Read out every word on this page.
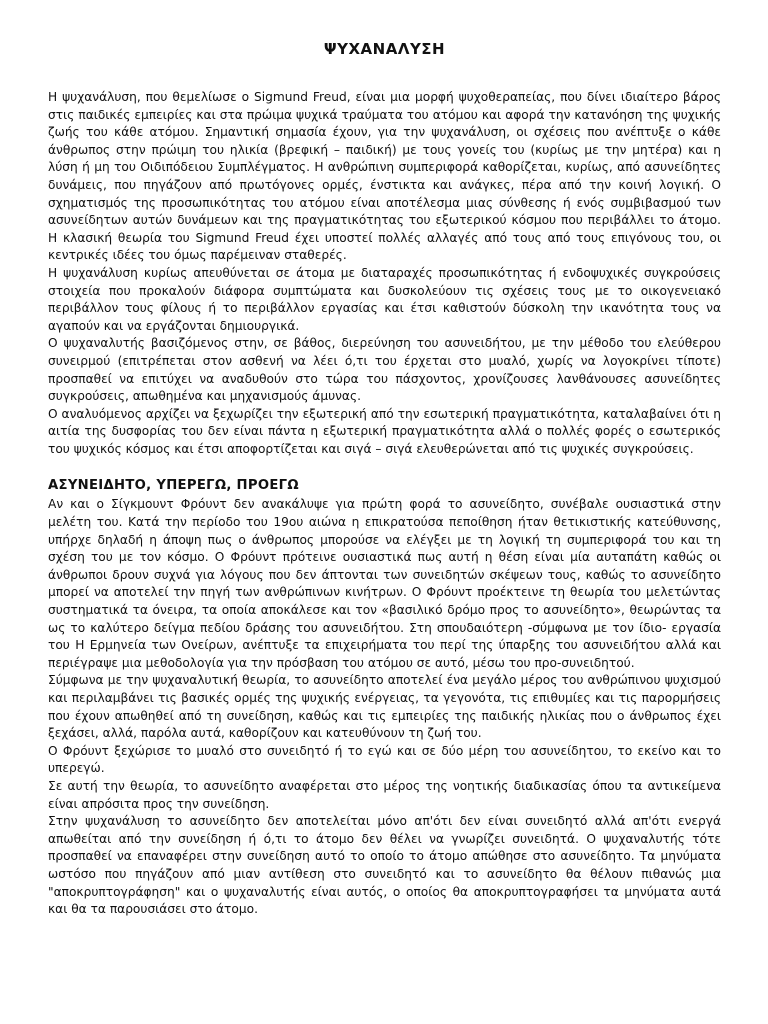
ΨΥΧΑΝΑΛΥΣΗ

Η ψυχανάλυση, που θεμελίωσε ο Sigmund Freud, είναι μια μορφή ψυχοθεραπείας, που δίνει ιδιαίτερο βάρος στις παιδικές εμπειρίες και στα πρώιμα ψυχικά τραύματα του ατόμου και αφορά την κατανόηση της ψυχικής ζωής του κάθε ατόμου. Σημαντική σημασία έχουν, για την ψυχανάλυση, οι σχέσεις που ανέπτυξε ο κάθε άνθρωπος στην πρώιμη του ηλικία (βρεφική – παιδική) με τους γονείς του (κυρίως με την μητέρα) και η λύση ή μη του Οιδιπόδειου Συμπλέγματος. Η ανθρώπινη συμπεριφορά καθορίζεται, κυρίως, από ασυνείδητες δυνάμεις, που πηγάζουν από πρωτόγονες ορμές, ένστικτα και ανάγκες, πέρα από την κοινή λογική. Ο σχηματισμός της προσωπικότητας του ατόμου είναι αποτέλεσμα μιας σύνθεσης ή ενός συμβιβασμού των ασυνείδητων αυτών δυνάμεων και της πραγματικότητας του εξωτερικού κόσμου που περιβάλλει το άτομο. Η κλασική θεωρία του Sigmund Freud έχει υποστεί πολλές αλλαγές από τους από τους επιγόνους του, οι κεντρικές ιδέες του όμως παρέμειναν σταθερές.

Η ψυχανάλυση κυρίως απευθύνεται σε άτομα με διαταραχές προσωπικότητας ή ενδοψυχικές συγκρούσεις στοιχεία που προκαλούν διάφορα συμπτώματα και δυσκολεύουν τις σχέσεις τους με το οικογενειακό περιβάλλον τους φίλους ή το περιβάλλον εργασίας και έτσι καθιστούν δύσκολη την ικανότητα τους να αγαπούν και να εργάζονται δημιουργικά.

Ο ψυχαναλυτής βασιζόμενος στην, σε βάθος, διερεύνηση του ασυνειδήτου, με την μέθοδο του ελεύθερου συνειρμού (επιτρέπεται στον ασθενή να λέει ό,τι του έρχεται στο μυαλό, χωρίς να λογοκρίνει τίποτε) προσπαθεί να επιτύχει να αναδυθούν στο τώρα του πάσχοντος, χρονίζουσες λανθάνουσες ασυνείδητες συγκρούσεις, απωθημένα και μηχανισμούς άμυνας.

Ο αναλυόμενος αρχίζει να ξεχωρίζει την εξωτερική από την εσωτερική πραγματικότητα, καταλαβαίνει ότι η αιτία της δυσφορίας του δεν είναι πάντα η εξωτερική πραγματικότητα αλλά ο πολλές φορές ο εσωτερικός του ψυχικός κόσμος και έτσι αποφορτίζεται και σιγά – σιγά ελευθερώνεται από τις ψυχικές συγκρούσεις.

ΑΣΥΝΕΙΔΗΤΟ, ΥΠΕΡΕΓΩ, ΠΡΟΕΓΩ

Αν και ο Σίγκμουντ Φρόυντ δεν ανακάλυψε για πρώτη φορά το ασυνείδητο, συνέβαλε ουσιαστικά στην μελέτη του. Κατά την περίοδο του 19ου αιώνα η επικρατούσα πεποίθηση ήταν θετικιστικής κατεύθυνσης, υπήρχε δηλαδή η άποψη πως ο άνθρωπος μπορούσε να ελέγξει με τη λογική τη συμπεριφορά του και τη σχέση του με τον κόσμο. Ο Φρόυντ πρότεινε ουσιαστικά πως αυτή η θέση είναι μία αυταπάτη καθώς οι άνθρωποι δρουν συχνά για λόγους που δεν άπτονται των συνειδητών σκέψεων τους, καθώς το ασυνείδητο μπορεί να αποτελεί την πηγή των ανθρώπινων κινήτρων. Ο Φρόυντ προέκτεινε τη θεωρία του μελετώντας συστηματικά τα όνειρα, τα οποία αποκάλεσε και τον «βασιλικό δρόμο προς το ασυνείδητο», θεωρώντας τα ως το καλύτερο δείγμα πεδίου δράσης του ασυνειδήτου. Στη σπουδαιότερη -σύμφωνα με τον ίδιο- εργασία του Η Ερμηνεία των Ονείρων, ανέπτυξε τα επιχειρήματα του περί της ύπαρξης του ασυνειδήτου αλλά και περιέγραψε μια μεθοδολογία για την πρόσβαση του ατόμου σε αυτό, μέσω του προ-συνειδητού.

Σύμφωνα με την ψυχαναλυτική θεωρία, το ασυνείδητο αποτελεί ένα μεγάλο μέρος του ανθρώπινου ψυχισμού και περιλαμβάνει τις βασικές ορμές της ψυχικής ενέργειας, τα γεγονότα, τις επιθυμίες και τις παρορμήσεις που έχουν απωθηθεί από τη συνείδηση, καθώς και τις εμπειρίες της παιδικής ηλικίας που ο άνθρωπος έχει ξεχάσει, αλλά, παρόλα αυτά, καθορίζουν και κατευθύνουν τη ζωή του.

Ο Φρόυντ ξεχώρισε το μυαλό στο συνειδητό ή το εγώ και σε δύο μέρη του ασυνείδητου, το εκείνο και το υπερεγώ.

Σε αυτή την θεωρία, το ασυνείδητο αναφέρεται στο μέρος της νοητικής διαδικασίας όπου τα αντικείμενα είναι απρόσιτα προς την συνείδηση.

Στην ψυχανάλυση το ασυνείδητο δεν αποτελείται μόνο απ'ότι δεν είναι συνειδητό αλλά απ'ότι ενεργά απωθείται από την συνείδηση ή ό,τι το άτομο δεν θέλει να γνωρίζει συνειδητά. Ο ψυχαναλυτής τότε προσπαθεί να επαναφέρει στην συνείδηση αυτό το οποίο το άτομο απώθησε στο ασυνείδητο. Τα μηνύματα ωστόσο που πηγάζουν από μιαν αντίθεση στο συνειδητό και το ασυνείδητο θα θέλουν πιθανώς μια "αποκρυπτογράφηση" και ο ψυχαναλυτής είναι αυτός, ο οποίος θα αποκρυπτογραφήσει τα μηνύματα αυτά και θα τα παρουσιάσει στο άτομο.
